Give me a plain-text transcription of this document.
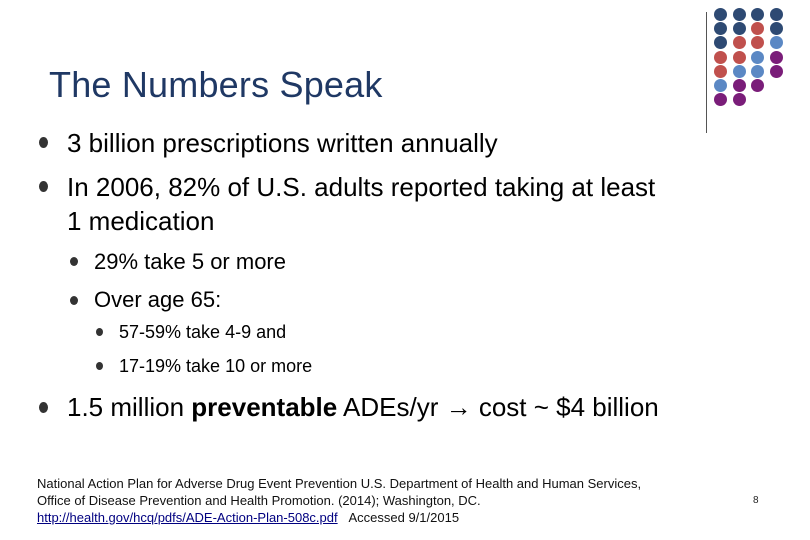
The Numbers Speak
3 billion prescriptions written annually
In 2006, 82% of U.S. adults reported taking at least
1 medication
29% take 5 or more
Over age 65:
57-59% take 4-9 and
17-19% take 10 or more
1.5 million preventable ADEs/yr → cost ~ $4 billion
National Action Plan for Adverse Drug Event Prevention U.S. Department of Health and Human Services,
Office of Disease Prevention and Health Promotion. (2014); Washington, DC.
http://health.gov/hcq/pdfs/ADE-Action-Plan-508c.pdf Accessed 9/1/2015
8
